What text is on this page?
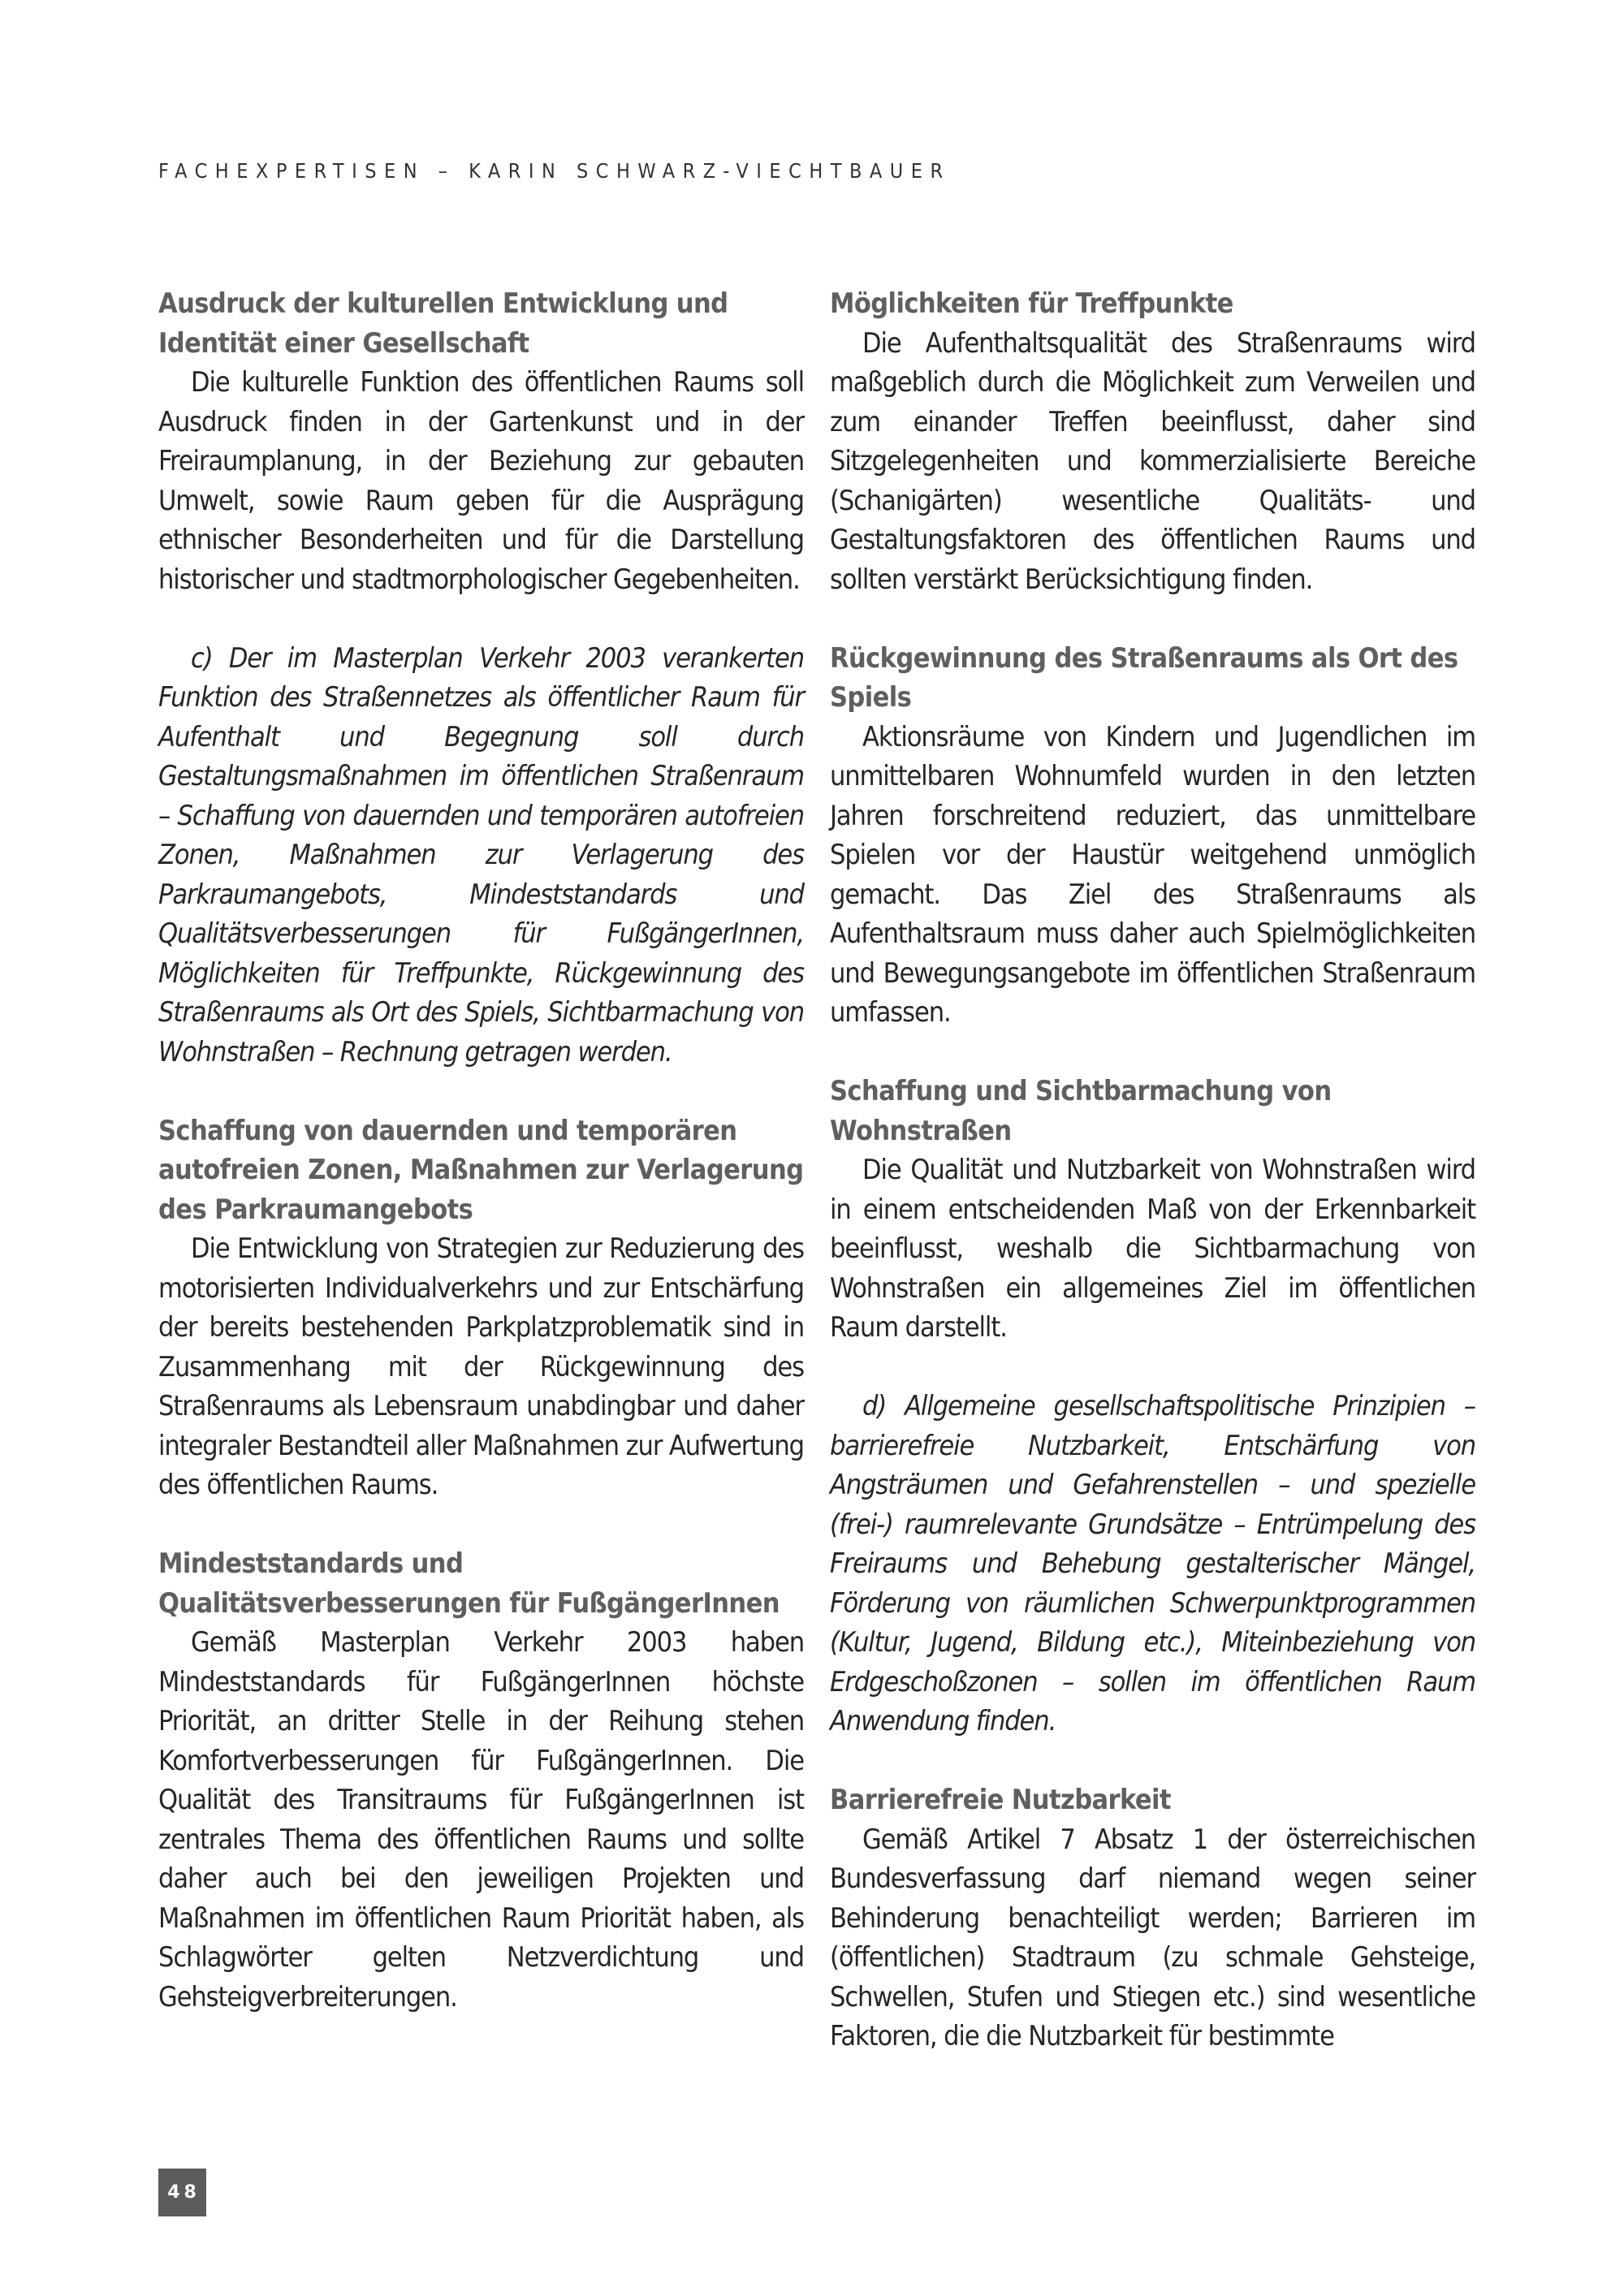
FACHEXPERTISEN – KARIN SCHWARZ-VIECHTBAUER
Ausdruck der kulturellen Entwicklung und Identität einer Gesellschaft

Die kulturelle Funktion des öffentlichen Raums soll Ausdruck finden in der Gartenkunst und in der Freiraumplanung, in der Beziehung zur gebauten Umwelt, sowie Raum geben für die Ausprägung ethnischer Besonderheiten und für die Darstellung historischer und stadtmorphologischer Gegebenheiten.

c) Der im Masterplan Verkehr 2003 verankerten Funktion des Straßennetzes als öffentlicher Raum für Aufenthalt und Begegnung soll durch Gestaltungsmaßnahmen im öffentlichen Straßenraum – Schaffung von dauernden und temporären autofreien Zonen, Maßnahmen zur Verlagerung des Parkraumangebots, Mindeststandards und Qualitätsverbesserungen für FußgängerInnen, Möglichkeiten für Treffpunkte, Rückgewinnung des Straßenraums als Ort des Spiels, Sichtbarmachung von Wohnstraßen – Rechnung getragen werden.

Schaffung von dauernden und temporären autofreien Zonen, Maßnahmen zur Verlagerung des Parkraumangebots

Die Entwicklung von Strategien zur Reduzierung des motorisierten Individualverkehrs und zur Entschärfung der bereits bestehenden Parkplatzproblematik sind in Zusammenhang mit der Rückgewinnung des Straßenraums als Lebensraum unabdingbar und daher integraler Bestandteil aller Maßnahmen zur Aufwertung des öffentlichen Raums.

Mindeststandards und Qualitätsverbesserungen für FußgängerInnen

Gemäß Masterplan Verkehr 2003 haben Mindeststandards für FußgängerInnen höchste Priorität, an dritter Stelle in der Reihung stehen Komfortverbesserungen für FußgängerInnen. Die Qualität des Transitraums für FußgängerInnen ist zentrales Thema des öffentlichen Raums und sollte daher auch bei den jeweiligen Projekten und Maßnahmen im öffentlichen Raum Priorität haben, als Schlagwörter gelten Netzverdichtung und Gehsteigverbreiterungen.

Möglichkeiten für Treffpunkte

Die Aufenthaltsqualität des Straßenraums wird maßgeblich durch die Möglichkeit zum Verweilen und zum einander Treffen beeinflusst, daher sind Sitzgelegenheiten und kommerzialisierte Bereiche (Schanigärten) wesentliche Qualitäts- und Gestaltungsfaktoren des öffentlichen Raums und sollten verstärkt Berücksichtigung finden.

Rückgewinnung des Straßenraums als Ort des Spiels

Aktionsräume von Kindern und Jugendlichen im unmittelbaren Wohnumfeld wurden in den letzten Jahren forschreitend reduziert, das unmittelbare Spielen vor der Haustür weitgehend unmöglich gemacht. Das Ziel des Straßenraums als Aufenthaltsraum muss daher auch Spielmöglichkeiten und Bewegungsangebote im öffentlichen Straßenraum umfassen.

Schaffung und Sichtbarmachung von Wohnstraßen

Die Qualität und Nutzbarkeit von Wohnstraßen wird in einem entscheidenden Maß von der Erkennbarkeit beeinflusst, weshalb die Sichtbarmachung von Wohnstraßen ein allgemeines Ziel im öffentlichen Raum darstellt.

d) Allgemeine gesellschaftspolitische Prinzipien – barrierefreie Nutzbarkeit, Entschärfung von Angsträumen und Gefahrenstellen – und spezielle (frei-) raumrelevante Grundsätze – Entrümpelung des Freiraums und Behebung gestalterischer Mängel, Förderung von räumlichen Schwerpunktprogrammen (Kultur, Jugend, Bildung etc.), Miteinbeziehung von Erdgeschoßzonen – sollen im öffentlichen Raum Anwendung finden.

Barrierefreie Nutzbarkeit

Gemäß Artikel 7 Absatz 1 der österreichischen Bundesverfassung darf niemand wegen seiner Behinderung benachteiligt werden; Barrieren im (öffentlichen) Stadtraum (zu schmale Gehsteige, Schwellen, Stufen und Stiegen etc.) sind wesentliche Faktoren, die die Nutzbarkeit für bestimmte

48
